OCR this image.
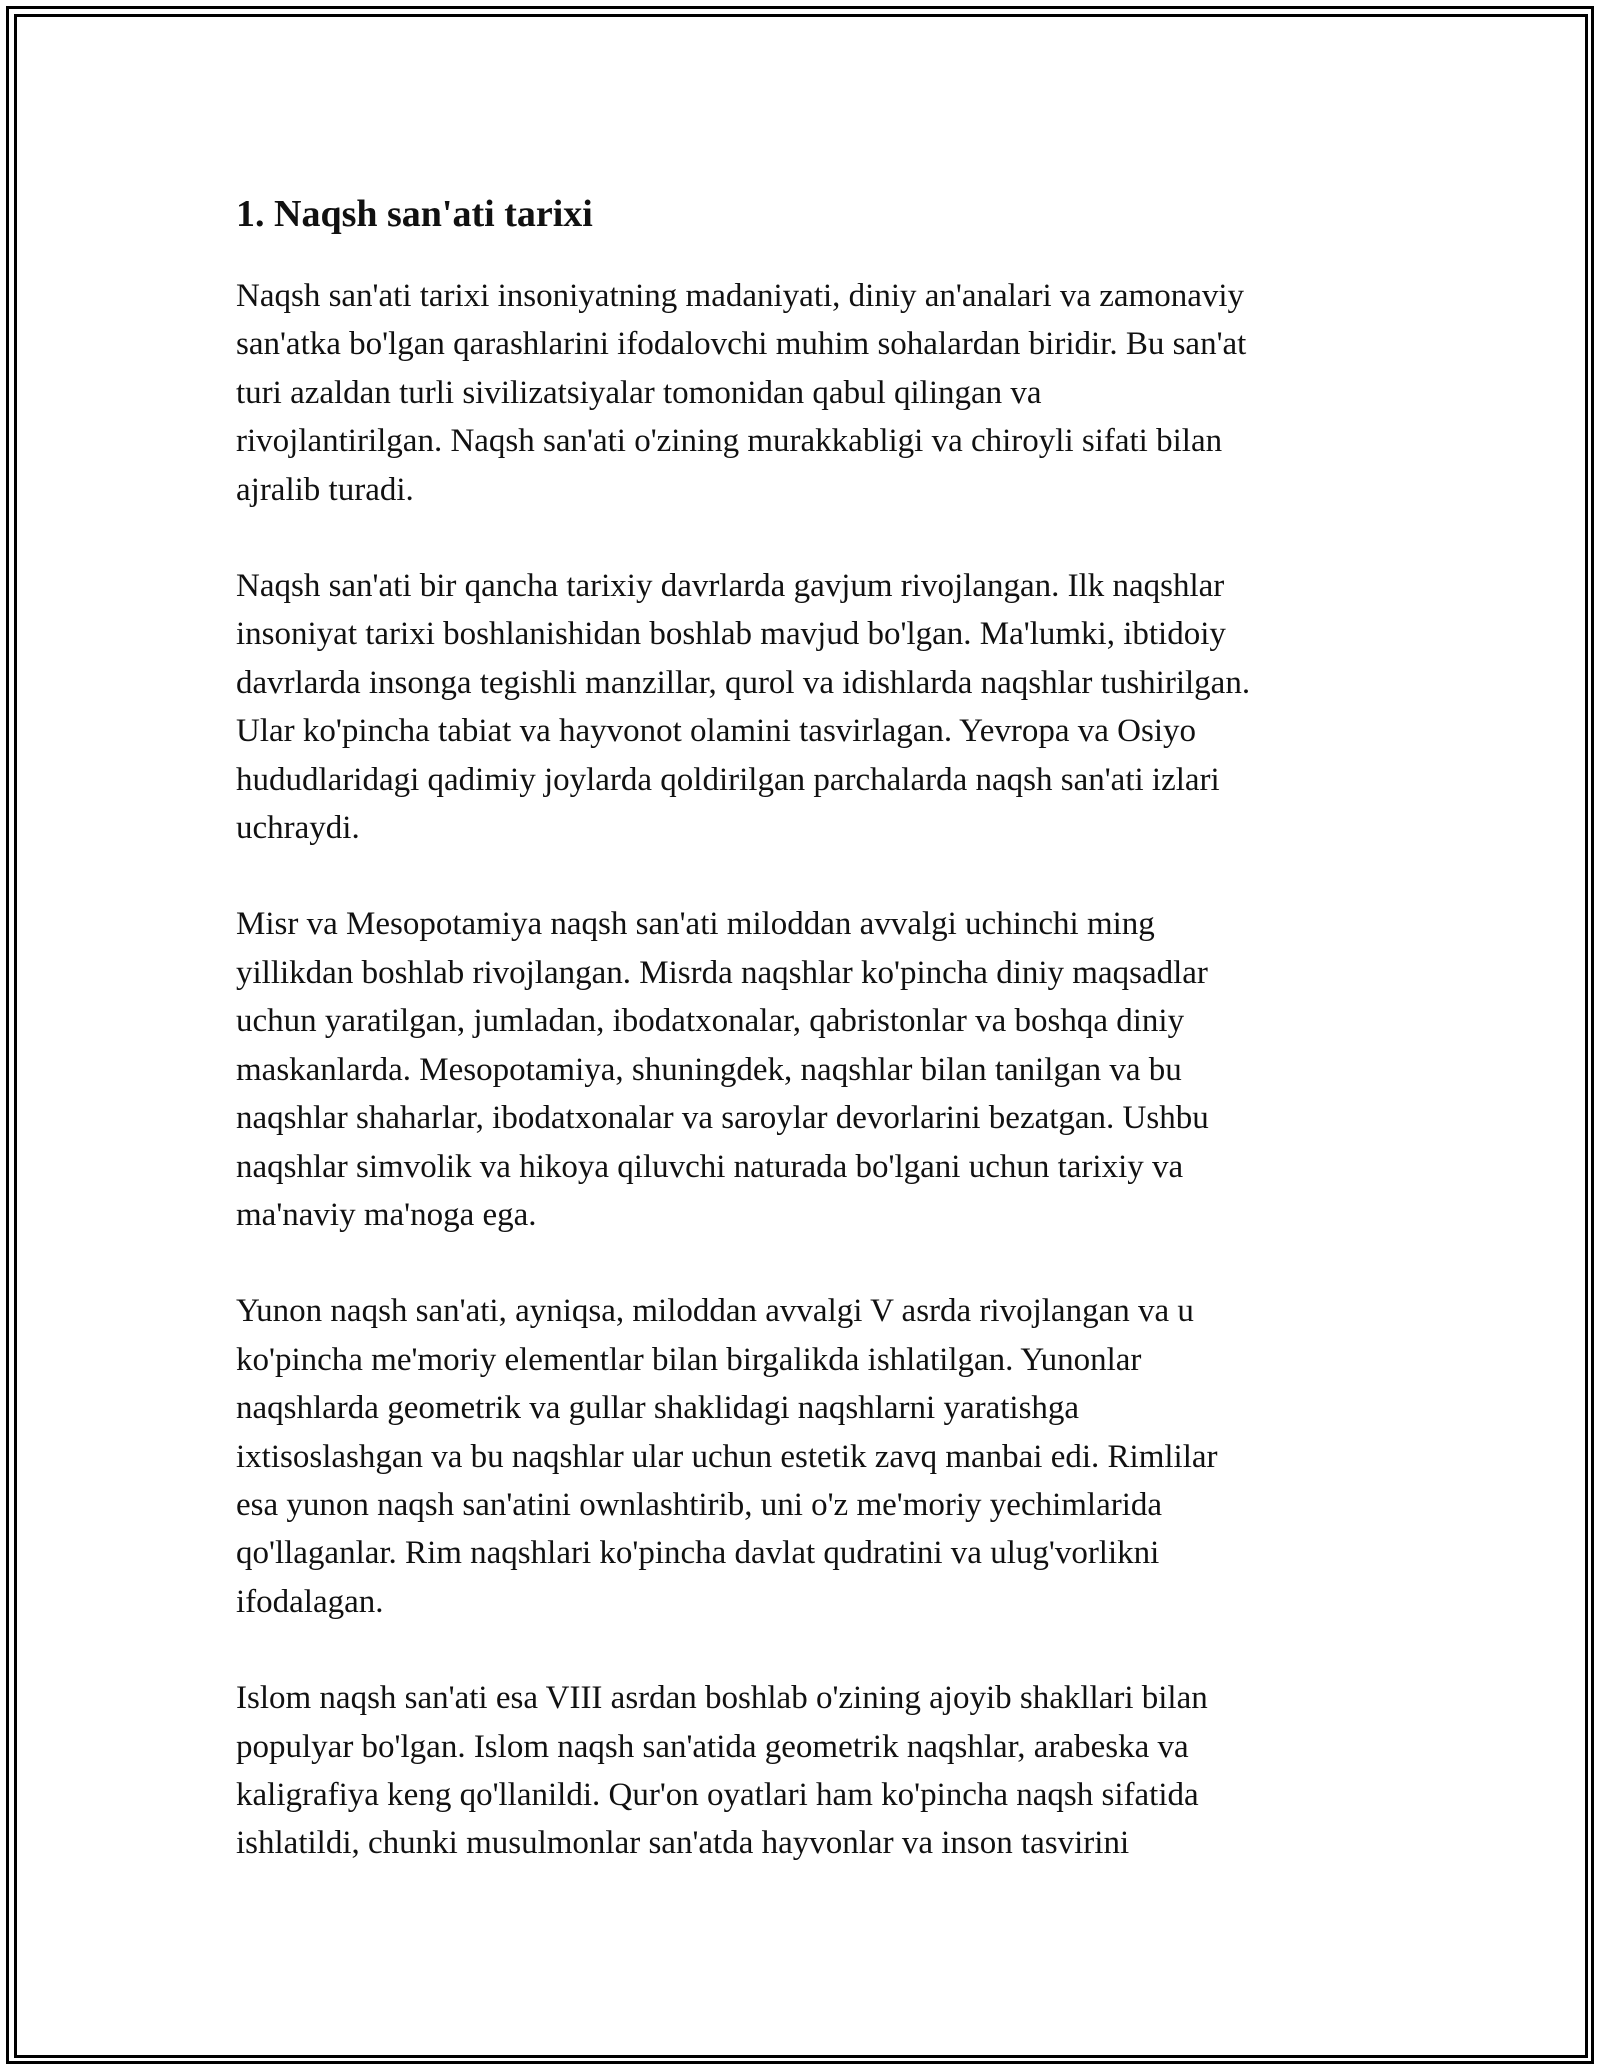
1. Naqsh san'ati tarixi

Naqsh san'ati tarixi insoniyatning madaniyati, diniy an'analari va zamonaviy
san'atka bo'lgan qarashlarini ifodalovchi muhim sohalardan biridir. Bu san'at
turi azaldan turli sivilizatsiyalar tomonidan qabul qilingan va
rivojlantirilgan. Naqsh san'ati o'zining murakkabligi va chiroyli sifati bilan
ajralib turadi.

Naqsh san'ati bir qancha tarixiy davrlarda gavjum rivojlangan. Ilk naqshlar
insoniyat tarixi boshlanishidan boshlab mavjud bo'lgan. Ma'lumki, ibtidoiy
davrlarda insonga tegishli manzillar, qurol va idishlarda naqshlar tushirilgan.
Ular ko'pincha tabiat va hayvonot olamini tasvirlagan. Yevropa va Osiyo
hududlaridagi qadimiy joylarda qoldirilgan parchalarda naqsh san'ati izlari
uchraydi.

Misr va Mesopotamiya naqsh san'ati miloddan avvalgi uchinchi ming
yillikdan boshlab rivojlangan. Misrda naqshlar ko'pincha diniy maqsadlar
uchun yaratilgan, jumladan, ibodatxonalar, qabristonlar va boshqa diniy
maskanlarda. Mesopotamiya, shuningdek, naqshlar bilan tanilgan va bu
naqshlar shaharlar, ibodatxonalar va saroylar devorlarini bezatgan. Ushbu
naqshlar simvolik va hikoya qiluvchi naturada bo'lgani uchun tarixiy va
ma'naviy ma'noga ega.

Yunon naqsh san'ati, ayniqsa, miloddan avvalgi V asrda rivojlangan va u
ko'pincha me'moriy elementlar bilan birgalikda ishlatilgan. Yunonlar
naqshlarda geometrik va gullar shaklidagi naqshlarni yaratishga
ixtisoslashgan va bu naqshlar ular uchun estetik zavq manbai edi. Rimlilar
esa yunon naqsh san'atini ownlashtirib, uni o'z me'moriy yechimlarida
qo'llaganlar. Rim naqshlari ko'pincha davlat qudratini va ulug'vorlikni
ifodalagan.

Islom naqsh san'ati esa VIII asrdan boshlab o'zining ajoyib shakllari bilan
populyar bo'lgan. Islom naqsh san'atida geometrik naqshlar, arabeska va
kaligrafiya keng qo'llanildi. Qur'on oyatlari ham ko'pincha naqsh sifatida
ishlatildi, chunki musulmonlar san'atda hayvonlar va inson tasvirini
